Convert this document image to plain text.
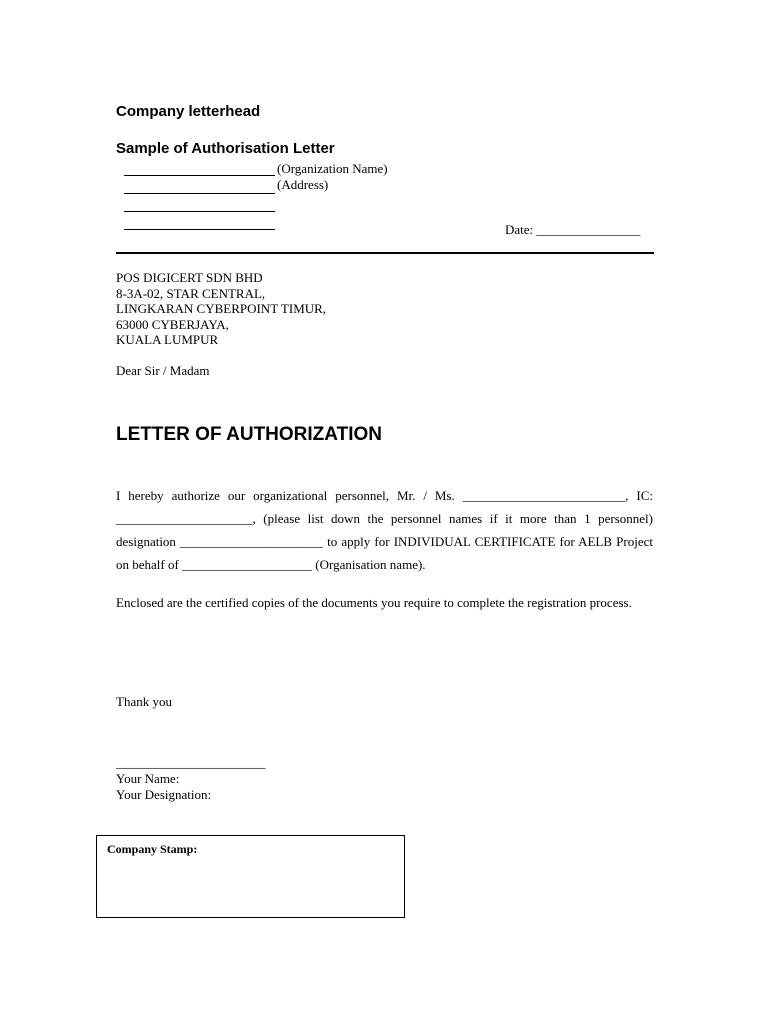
Company letterhead
Sample of Authorisation Letter
(Organization Name)
(Address)
Date: ________________
POS DIGICERT SDN BHD
8-3A-02, STAR CENTRAL,
LINGKARAN CYBERPOINT TIMUR,
63000 CYBERJAYA,
KUALA LUMPUR
Dear Sir / Madam
LETTER OF AUTHORIZATION
I hereby authorize our organizational personnel, Mr. / Ms. _________________________, IC: _____________________, (please list down the personnel names if it more than 1 personnel) designation ______________________ to apply for INDIVIDUAL CERTIFICATE for AELB Project on behalf of ____________________ (Organisation name).
Enclosed are the certified copies of the documents you require to complete the registration process.
Thank you
_______________________
Your Name:
Your Designation:
Company Stamp:
